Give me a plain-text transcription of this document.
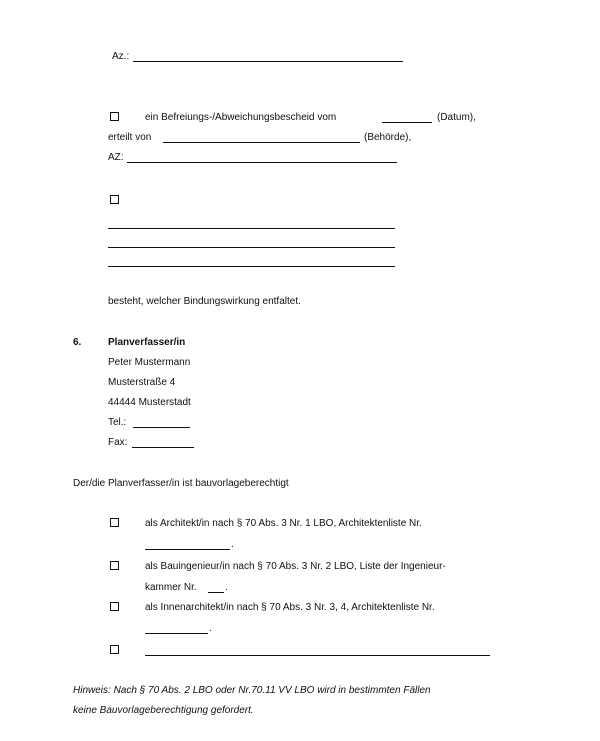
Az.:
ein Befreiungs-/Abweichungsbescheid vom	(Datum),
erteilt von	(Behörde),
AZ:
besteht, welcher Bindungswirkung entfaltet.
6.	Planverfasser/in
Peter Mustermann
Musterstraße 4
44444 Musterstadt
Tel.:
Fax:
Der/die Planverfasser/in ist bauvorlageberechtigt
als Architekt/in nach § 70 Abs. 3 Nr. 1 LBO, Architektenliste Nr.
.
als Bauingenieur/in nach § 70 Abs. 3 Nr. 2 LBO, Liste der Ingenieur-
kammer Nr.	.
als Innenarchitekt/in nach § 70 Abs. 3 Nr. 3, 4, Architektenliste Nr.
.
Hinweis: Nach § 70 Abs. 2 LBO oder Nr.70.11 VV LBO wird in bestimmten Fällen
keine Bauvorlageberechtigung gefordert.
